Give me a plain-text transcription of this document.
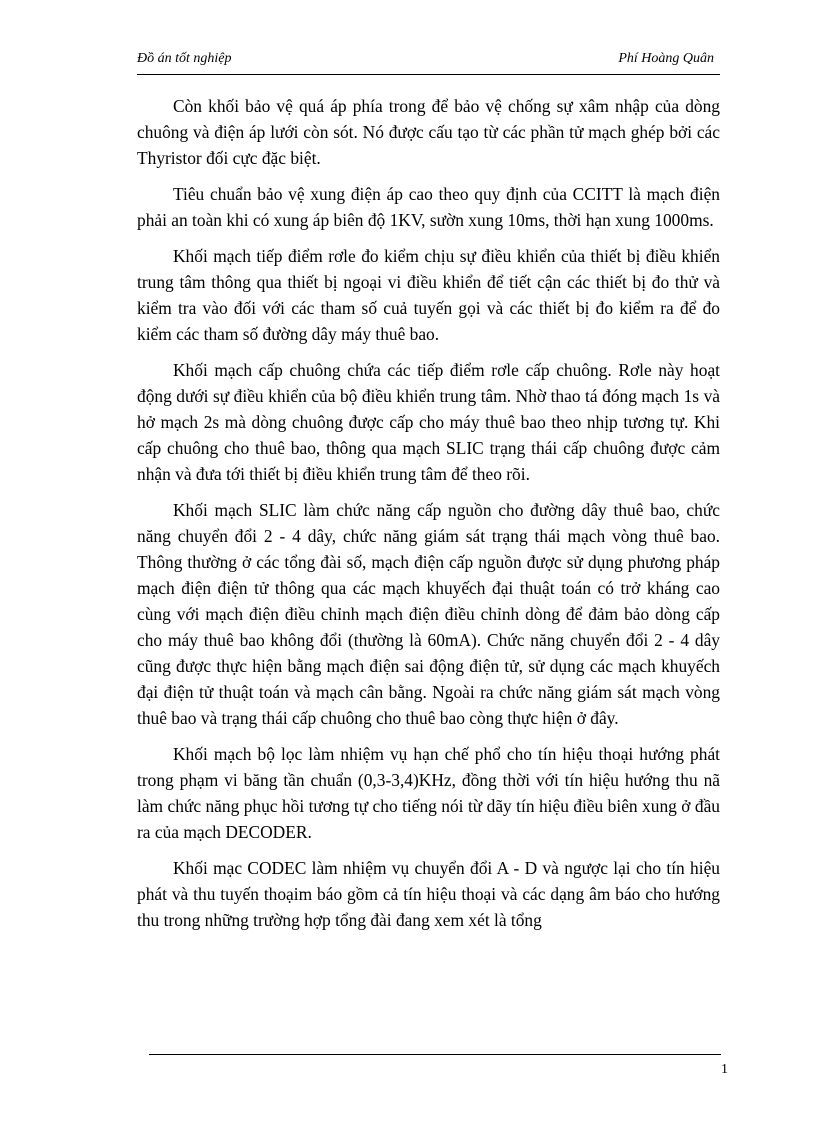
Đồ án tốt nghiệp	Phí Hoàng Quân

Còn khối bảo vệ quá áp phía trong để bảo vệ chống sự xâm nhập của dòng chuông và điện áp lưới còn sót. Nó được cấu tạo từ các phần tử mạch ghép bởi các Thyristor đối cực đặc biệt.

Tiêu chuẩn bảo vệ xung điện áp cao theo quy định của CCITT là mạch điện phải an toàn khi có xung áp biên độ 1KV, sườn xung 10ms, thời hạn xung 1000ms.

Khối mạch tiếp điểm rơle đo kiểm chịu sự điều khiển của thiết bị điều khiển trung tâm thông qua thiết bị ngoại vi điều khiển để tiết cận các thiết bị đo thử và kiểm tra vào đối với các tham số cuả tuyến gọi và các thiết bị đo kiểm ra để đo kiểm các tham số đường dây máy thuê bao.

Khối mạch cấp chuông chứa các tiếp điểm rơle cấp chuông. Rơle này hoạt động dưới sự điều khiển của bộ điều khiển trung tâm. Nhờ thao tá đóng mạch 1s và hở mạch 2s mà dòng chuông được cấp cho máy thuê bao theo nhịp tương tự. Khi cấp chuông cho thuê bao, thông qua mạch SLIC trạng thái cấp chuông được cảm nhận và đưa tới thiết bị điều khiển trung tâm để theo rõi.

Khối mạch SLIC làm chức năng cấp nguồn cho đường dây thuê bao, chức năng chuyển đổi 2 - 4 dây, chức năng giám sát trạng thái mạch vòng thuê bao. Thông thường ở các tổng đài số, mạch điện cấp nguồn được sử dụng phương pháp mạch điện điện tử thông qua các mạch khuyếch đại thuật toán có trở kháng cao cùng với mạch điện điều chỉnh mạch điện điều chỉnh dòng để đảm bảo dòng cấp cho máy thuê bao không đổi (thường là 60mA). Chức năng chuyển đổi 2 - 4 dây cũng được thực hiện bằng mạch điện sai động điện tử, sử dụng các mạch khuyếch đại điện tử thuật toán và mạch cân bằng. Ngoài ra chức năng giám sát mạch vòng thuê bao và trạng thái cấp chuông cho thuê bao còng thực hiện ở đây.

Khối mạch bộ lọc làm nhiệm vụ hạn chế phổ cho tín hiệu thoại hướng phát trong phạm vi băng tần chuẩn (0,3-3,4)KHz, đồng thời với tín hiệu hướng thu nã làm chức năng phục hồi tương tự cho tiếng nói từ dãy tín hiệu điều biên xung ở đầu ra của mạch DECODER.

Khối mạc CODEC làm nhiệm vụ chuyển đổi A - D và ngược lại cho tín hiệu phát và thu tuyến thoạim báo gồm cả tín hiệu thoại và các dạng âm báo cho hướng thu trong những trường hợp tổng đài đang xem xét là tổng

1
